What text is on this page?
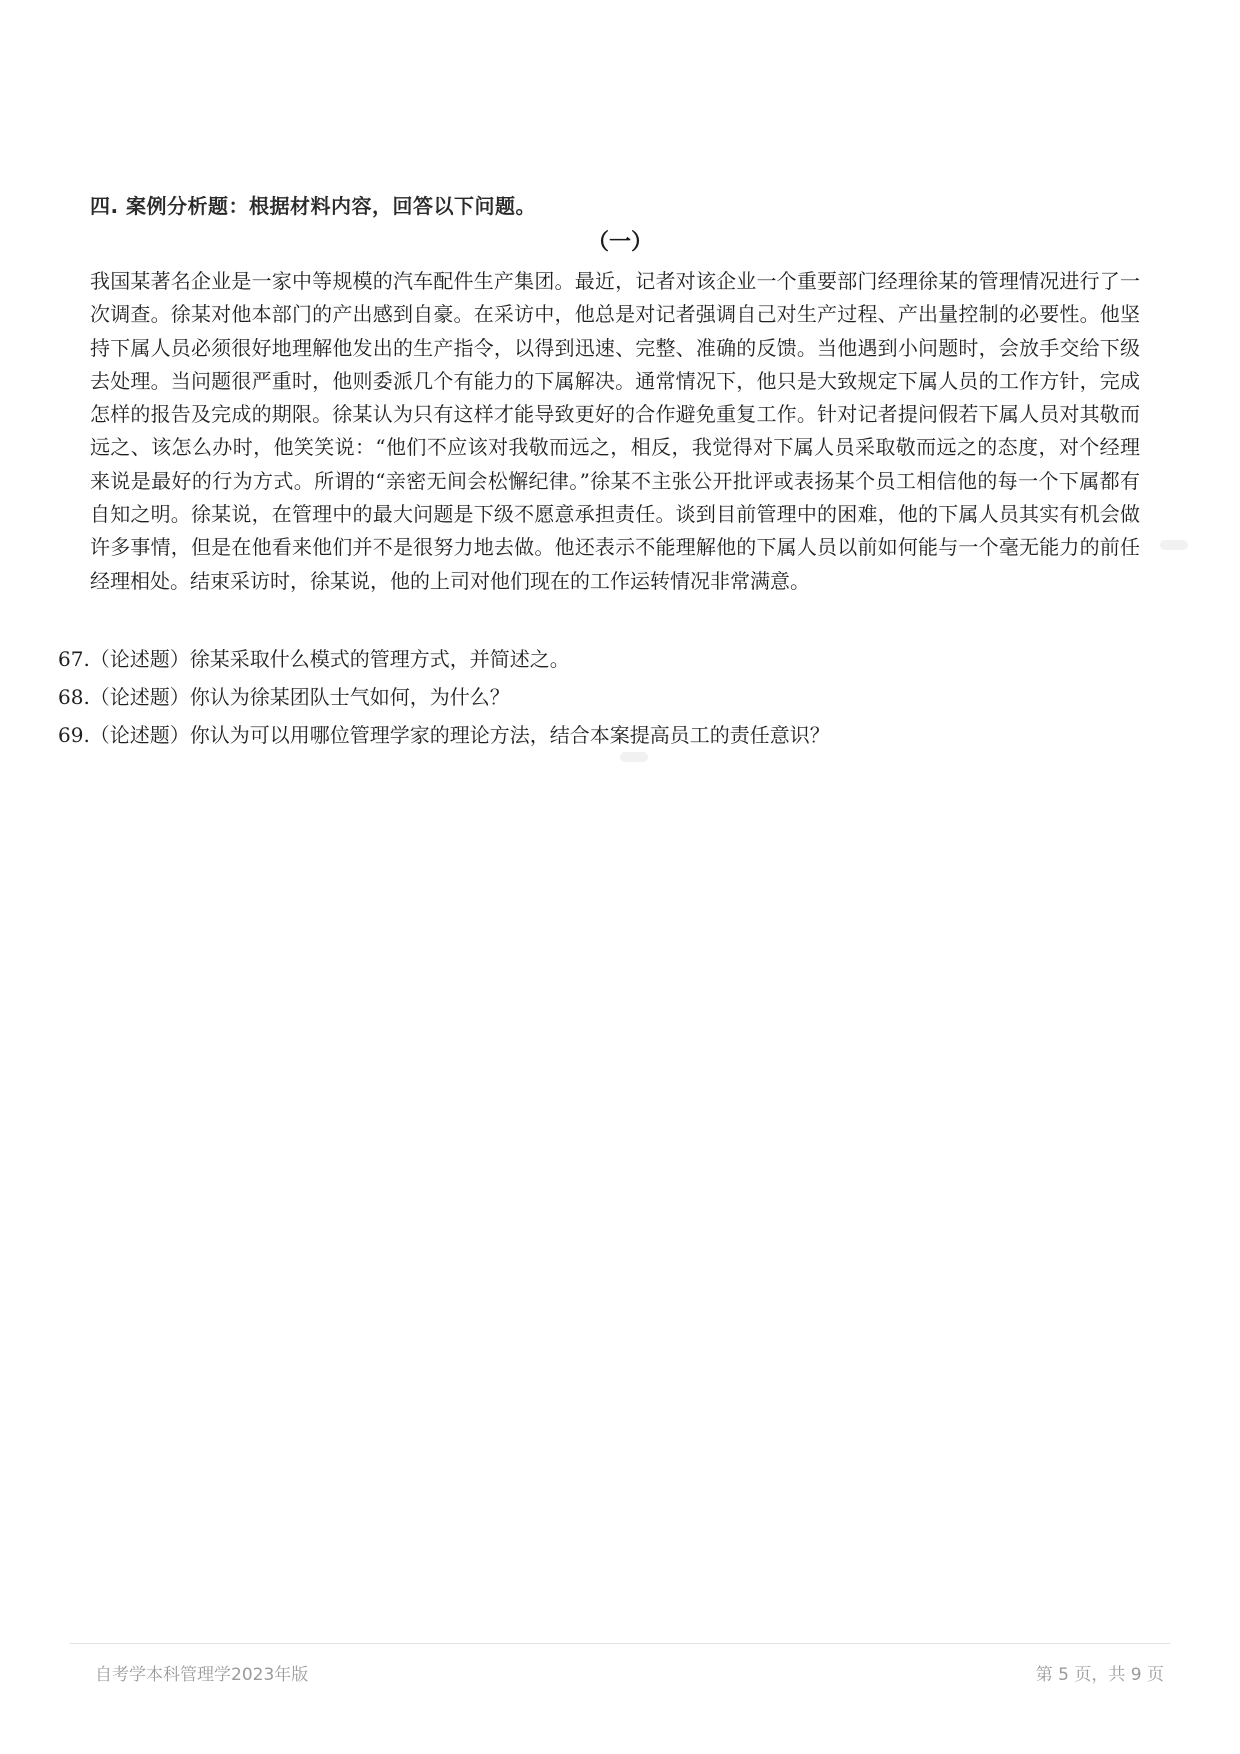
四. 案例分析题：根据材料内容，回答以下问题。
（一）

我国某著名企业是一家中等规模的汽车配件生产集团。最近，记者对该企业一个重要部门经理徐某的管理情况进行了一次调查。徐某对他本部门的产出感到自豪。在采访中，他总是对记者强调自己对生产过程、产出量控制的必要性。他坚持下属人员必须很好地理解他发出的生产指令，以得到迅速、完整、准确的反馈。当他遇到小问题时，会放手交给下级去处理。当问题很严重时，他则委派几个有能力的下属解决。通常情况下，他只是大致规定下属人员的工作方针，完成怎样的报告及完成的期限。徐某认为只有这样才能导致更好的合作避免重复工作。针对记者提问假若下属人员对其敬而远之、该怎么办时，他笑笑说：“他们不应该对我敬而远之，相反，我觉得对下属人员采取敬而远之的态度，对个经理来说是最好的行为方式。所谓的“亲密无间会松懈纪律。”徐某不主张公开批评或表扬某个员工相信他的每一个下属都有自知之明。徐某说，在管理中的最大问题是下级不愿意承担责任。谈到目前管理中的困难，他的下属人员其实有机会做许多事情，但是在他看来他们并不是很努力地去做。他还表示不能理解他的下属人员以前如何能与一个毫无能力的前任经理相处。结束采访时，徐某说，他的上司对他们现在的工作运转情况非常满意。

67.（论述题）徐某采取什么模式的管理方式，并简述之。
68.（论述题）你认为徐某团队士气如何，为什么？
69.（论述题）你认为可以用哪位管理学家的理论方法，结合本案提高员工的责任意识？
自考学本科管理学2023年版	第 5 页，共 9 页
